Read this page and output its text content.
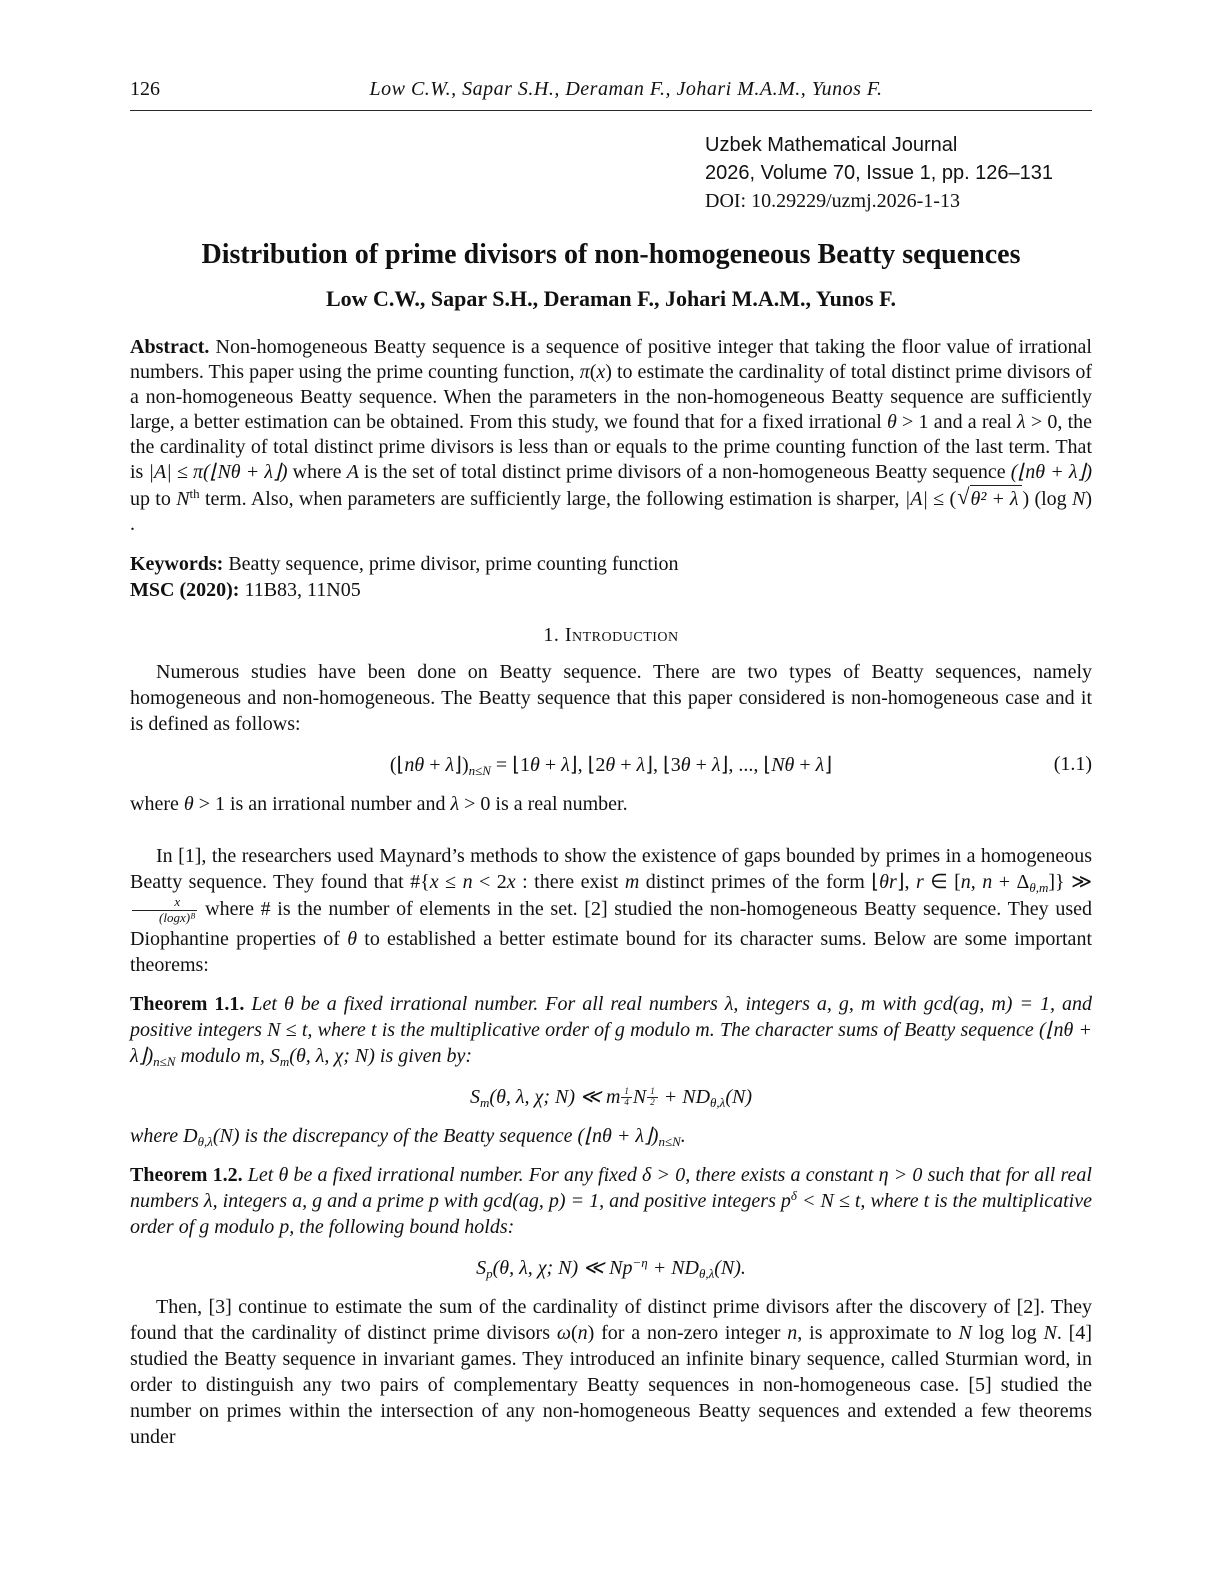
126	Low C.W., Sapar S.H., Deraman F., Johari M.A.M., Yunos F.
Uzbek Mathematical Journal
2026, Volume 70, Issue 1, pp. 126–131
DOI: 10.29229/uzmj.2026-1-13
Distribution of prime divisors of non-homogeneous Beatty sequences
Low C.W., Sapar S.H., Deraman F., Johari M.A.M., Yunos F.

Abstract. Non-homogeneous Beatty sequence is a sequence of positive integer that taking the floor value of irrational numbers. This paper using the prime counting function, π(x) to estimate the cardinality of total distinct prime divisors of a non-homogeneous Beatty sequence. When the parameters in the non-homogeneous Beatty sequence are sufficiently large, a better estimation can be obtained. From this study, we found that for a fixed irrational θ > 1 and a real λ > 0, the the cardinality of total distinct prime divisors is less than or equals to the prime counting function of the last term. That is |A| ≤ π(⌊Nθ + λ⌋) where A is the set of total distinct prime divisors of a non-homogeneous Beatty sequence (⌊nθ + λ⌋) up to $N^{th}$ term. Also, when parameters are sufficiently large, the following estimation is sharper, |A| ≤ ( √ θ² + λ ) (log N) .

Keywords: Beatty sequence, prime divisor, prime counting function

MSC (2020): 11B83, 11N05

1. Introduction

Numerous studies have been done on Beatty sequence. There are two types of Beatty sequences, namely homogeneous and non-homogeneous. The Beatty sequence that this paper considered is non-homogeneous case and it is defined as follows:

(⌊nθ + $\lambda⌋)_{n\le N}$ = ⌊1θ + λ⌋, ⌊2θ + λ⌋, ⌊3θ + λ⌋, ..., ⌊Nθ + λ⌋	(1.1)

where θ > 1 is an irrational number and λ > 0 is a real number.

In [1], the researchers used Maynard’s methods to show the existence of gaps bounded by primes in a homogeneous Beatty sequence. They found that #{x ≤ n < 2x : there exist m distinct primes of the form ⌊θr⌋, r ∈ [n, $n + \Delta_{\theta,m}$]} ≫
$\frac{x}{\text{(logx)ᴮ}}$ where # is the number of elements in the set. [2] studied the non-homogeneous Beatty sequence. They used Diophantine properties of θ to established a better estimate bound for its character sums. Below are some important theorems:

Theorem 1.1. Let θ be a fixed irrational number. For all real numbers λ, integers a, g, m with gcd(ag, m) = 1, and positive integers N ≤ t, where t is the multiplicative order of g modulo m. The character sums of Beatty sequence (⌊nθ + $\lambda⌋)_{n\le N}$ modulo m, $S_m(\theta$, λ, χ; N) is given by:

$S_m(\theta$, λ, χ; N) ≪ m $\frac{1}{4}$ N $\frac{1}{2} + ND_{\theta,\lambda}(N)$

where $D_{\theta,\lambda}(N)$ is the discrepancy of the Beatty sequence (⌊nθ + $\lambda⌋)_{n\le N}$.

Theorem 1.2. Let θ be a fixed irrational number. For any fixed δ > 0, there exists a constant η > 0 such that for all real numbers λ, integers a, g and a prime p with gcd(ag, p) = 1, and positive integers $p^\delta < N \le t$, where t is the multiplicative order of g modulo p, the following bound holds:

$S_p(\theta$, λ, χ; N) ≪ $Np^{-\eta} + ND_{\theta,\lambda}(N)$.

Then, [3] continue to estimate the sum of the cardinality of distinct prime divisors after the discovery of [2]. They found that the cardinality of distinct prime divisors ω(n) for a non-zero integer n, is approximate to N log log N. [4] studied the Beatty sequence in invariant games. They introduced an infinite binary sequence, called Sturmian word, in order to distinguish any two pairs of complementary Beatty sequences in non-homogeneous case. [5] studied the number on primes within the intersection of any non-homogeneous Beatty sequences and extended a few theorems under
